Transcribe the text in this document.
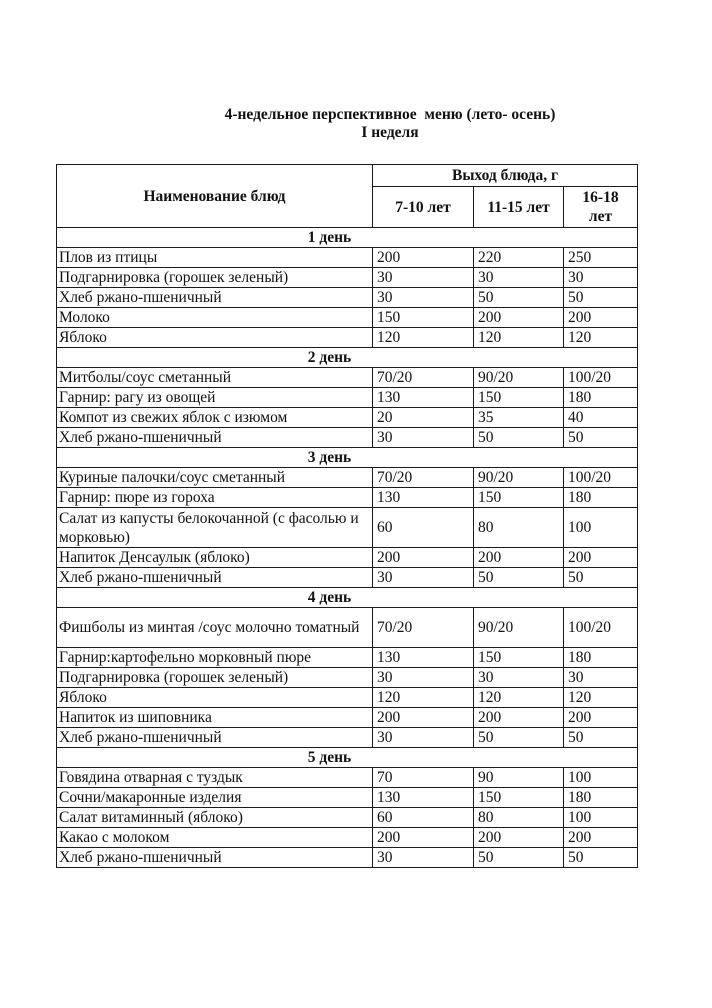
4-недельное перспективное  меню (лето- осень)
I неделя
Наименование блюд	Выход блюда, г		
	7-10 лет	11-15 лет	16-18 лет
1 день			
Плов из птицы	200	220	250
Подгарнировка (горошек зеленый)	30	30	30
Хлеб ржано-пшеничный	30	50	50
Молоко	150	200	200
Яблоко	120	120	120
2 день			
Митболы/соус сметанный	70/20	90/20	100/20
Гарнир: рагу из овощей	130	150	180
Компот из свежих яблок с изюмом	20	35	40
Хлеб ржано-пшеничный	30	50	50
3 день			
Куриные палочки/соус сметанный	70/20	90/20	100/20
Гарнир: пюре из гороха	130	150	180
Салат из капусты белокочанной (с фасолью и морковью)	60	80	100
Напиток Денсаулык (яблоко)	200	200	200
Хлеб ржано-пшеничный	30	50	50
4 день			
Фишболы из минтая /соус молочно томатный	70/20	90/20	100/20
Гарнир:картофельно морковный пюре	130	150	180
Подгарнировка (горошек зеленый)	30	30	30
Яблоко	120	120	120
Напиток из шиповника	200	200	200
Хлеб ржано-пшеничный	30	50	50
5 день			
Говядина отварная с туздык	70	90	100
Сочни/макаронные изделия	130	150	180
Салат витаминный (яблоко)	60	80	100
Какао с молоком	200	200	200
Хлеб ржано-пшеничный	30	50	50
